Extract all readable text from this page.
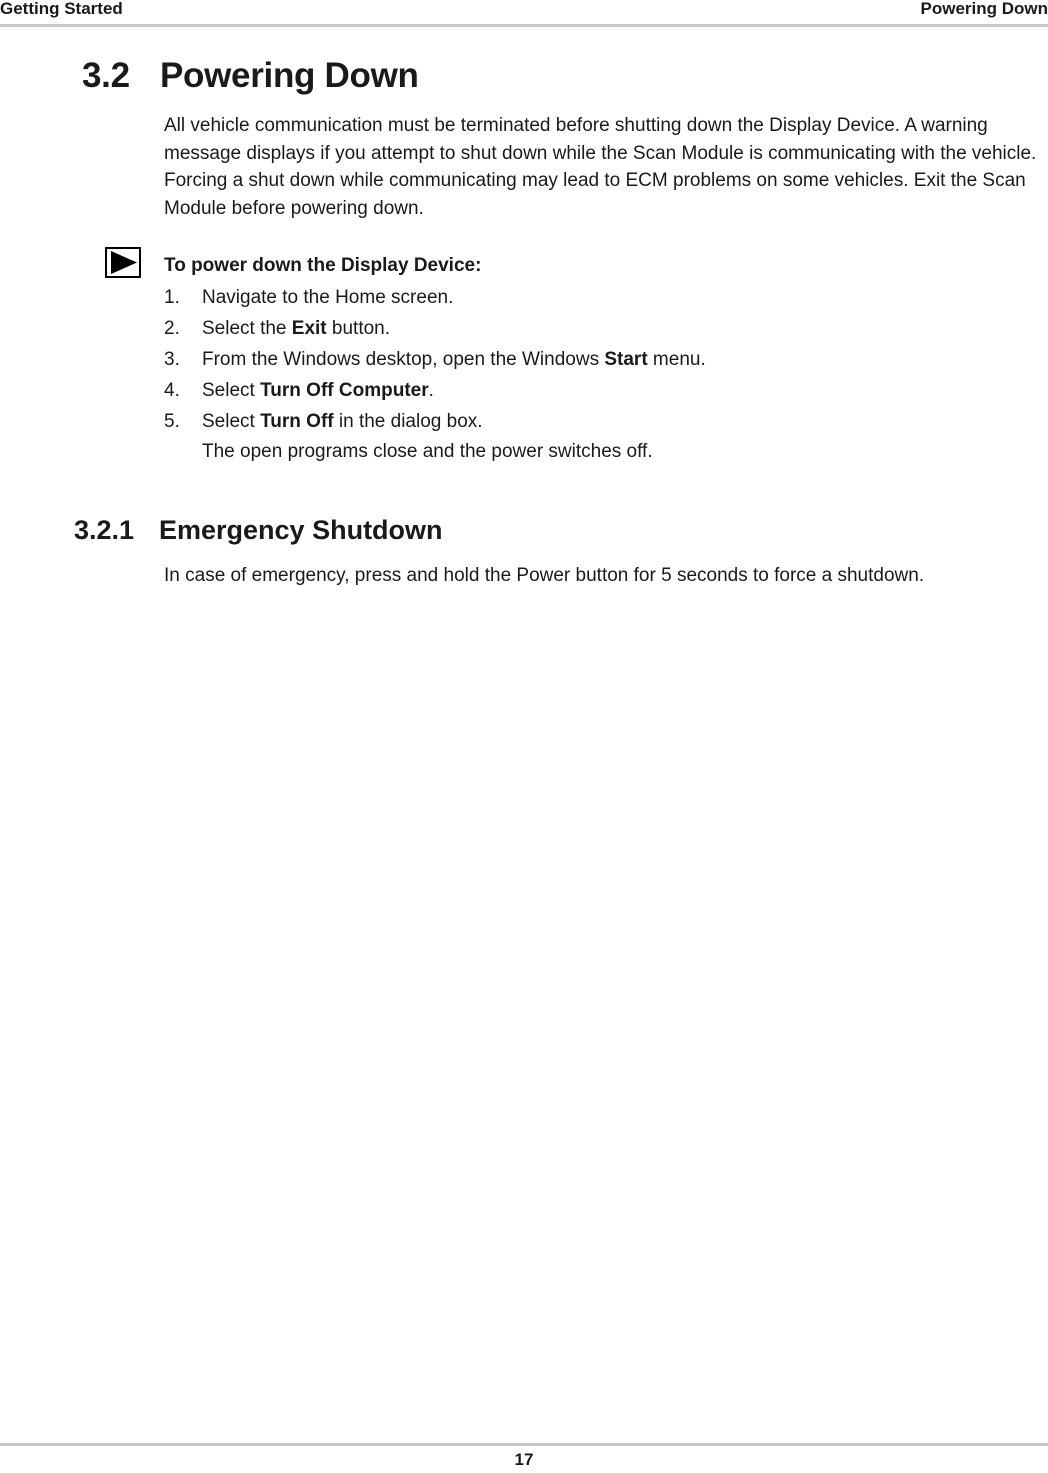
Getting Started	Powering Down
3.2 Powering Down

All vehicle communication must be terminated before shutting down the Display Device. A warning message displays if you attempt to shut down while the Scan Module is communicating with the vehicle. Forcing a shut down while communicating may lead to ECM problems on some vehicles. Exit the Scan Module before powering down.

To power down the Display Device:

1. Navigate to the Home screen.
2. Select the Exit button.
3. From the Windows desktop, open the Windows Start menu.
4. Select Turn Off Computer.
5. Select Turn Off in the dialog box.

The open programs close and the power switches off.

3.2.1 Emergency Shutdown

In case of emergency, press and hold the Power button for 5 seconds to force a shutdown.

17
